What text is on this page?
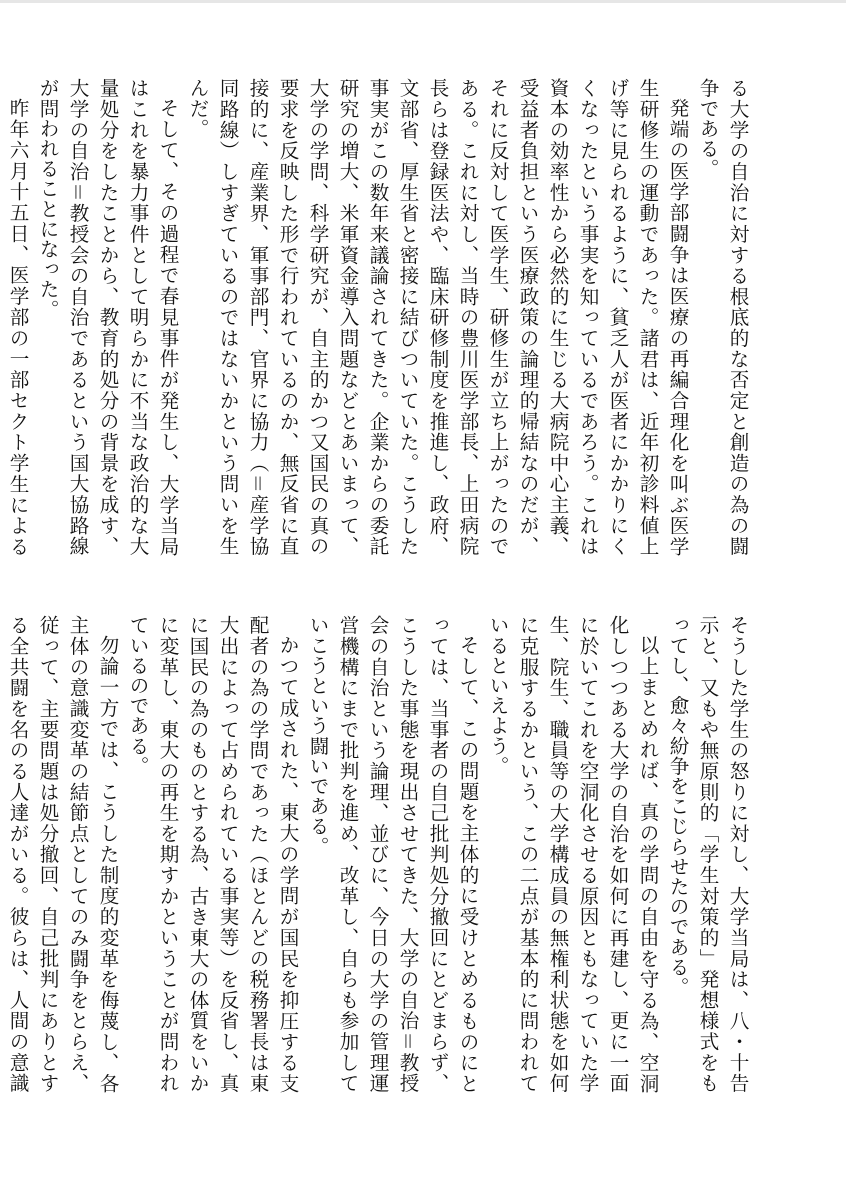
る大学の自治に対する根底的な否定と創造の為の闘争である。

発端の医学部闘争は医療の再編合理化を叫ぶ医学生研修生の運動であった。諸君は、近年初診料値上げ等に見られるように、貧乏人が医者にかかりにくくなったという事実を知っているであろう。これは資本の効率性から必然的に生じる大病院中心主義、受益者負担という医療政策の論理的帰結なのだが、それに反対して医学生、研修生が立ち上がったのである。これに対し、当時の豊川医学部長、上田病院長らは登録医法や、臨床研修制度を推進し、政府、文部省、厚生省と密接に結びついていた。こうした事実がこの数年来議論されてきた。企業からの委託研究の増大、米軍資金導入問題などとあいまって、大学の学問、科学研究が、自主的かつ又国民の真の要求を反映した形で行われているのか、無反省に直接的に、産業界、軍事部門、官界に協力（＝産学協同路線）しすぎているのではないかという問いを生んだ。

そして、その過程で春見事件が発生し、大学当局はこれを暴力事件として明らかに不当な政治的な大量処分をしたことから、教育的処分の背景を成す、大学の自治＝教授会の自治であるという国大協路線が問われることになった。

昨年六月十五日、医学部の一部セクト学生による

そうした学生の怒りに対し、大学当局は、八・十告示と、又もや無原則的「学生対策的」発想様式をもってし、愈々紛争をこじらせたのである。

以上まとめれば、真の学問の自由を守る為、空洞化しつつある大学の自治を如何に再建し、更に一面に於いてこれを空洞化させる原因ともなっていた学生、院生、職員等の大学構成員の無権利状態を如何に克服するかという、この二点が基本的に問われているといえよう。

そして、この問題を主体的に受けとめるものにとっては、当事者の自己批判処分撤回にとどまらず、こうした事態を現出させてきた、大学の自治＝教授会の自治という論理、並びに、今日の大学の管理運営機構にまで批判を進め、改革し、自らも参加していこうという闘いである。

かつて成された、東大の学問が国民を抑圧する支配者の為の学問であった（ほとんどの税務署長は東大出によって占められている事実等）を反省し、真に国民の為のものとする為、古き東大の体質をいかに変革し、東大の再生を期すかということが問われているのである。

勿論一方では、こうした制度的変革を侮蔑し、各主体の意識変革の結節点としてのみ闘争をとらえ、従って、主要問題は処分撤回、自己批判にありとする全共闘を名のる人達がいる。彼らは、人間の意識
